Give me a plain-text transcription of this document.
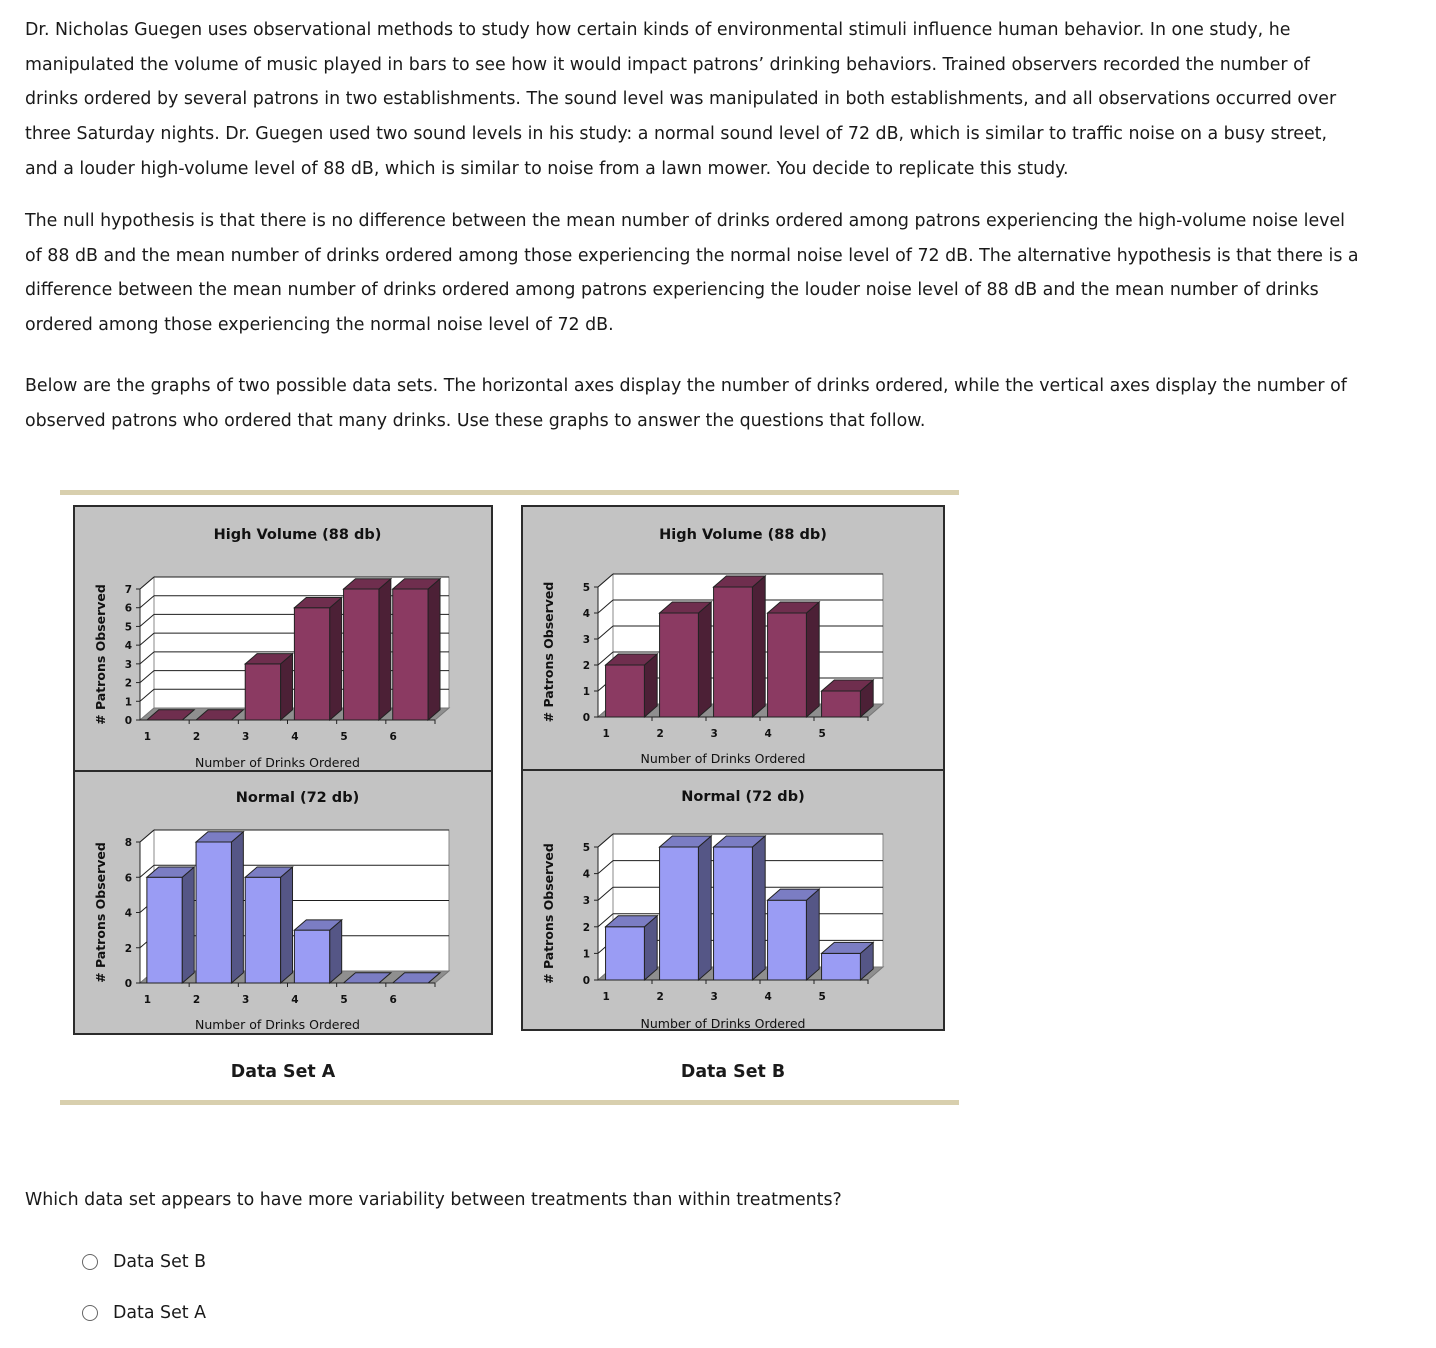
Dr. Nicholas Guegen uses observational methods to study how certain kinds of environmental stimuli influence human behavior. In one study, he manipulated the volume of music played in bars to see how it would impact patrons’ drinking behaviors. Trained observers recorded the number of drinks ordered by several patrons in two establishments. The sound level was manipulated in both establishments, and all observations occurred over three Saturday nights. Dr. Guegen used two sound levels in his study: a normal sound level of 72 dB, which is similar to traffic noise on a busy street, and a louder high-volume level of 88 dB, which is similar to noise from a lawn mower. You decide to replicate this study.

The null hypothesis is that there is no difference between the mean number of drinks ordered among patrons experiencing the high-volume noise level of 88 dB and the mean number of drinks ordered among those experiencing the normal noise level of 72 dB. The alternative hypothesis is that there is a difference between the mean number of drinks ordered among patrons experiencing the louder noise level of 88 dB and the mean number of drinks ordered among those experiencing the normal noise level of 72 dB.

Below are the graphs of two possible data sets. The horizontal axes display the number of drinks ordered, while the vertical axes display the number of observed patrons who ordered that many drinks. Use these graphs to answer the questions that follow.

0
1
2
3
4
5
6
7
1	2	3	4	5	6
High Volume (88 db)
Number of Drinks Ordered
# Patrons Observed
0
2
4
6
8
1	2	3	4	5	6
Normal (72 db)
Number of Drinks Ordered
# Patrons Observed
0
1
2
3
4
5
1	2	3	4	5
High Volume (88 db)
Number of Drinks Ordered
# Patrons Observed
0
1
2
3
4
5
1	2	3	4	5
Normal (72 db)
Number of Drinks Ordered
# Patrons Observed
Data Set A	Data Set B

Which data set appears to have more variability between treatments than within treatments?

Data Set B
Data Set A
